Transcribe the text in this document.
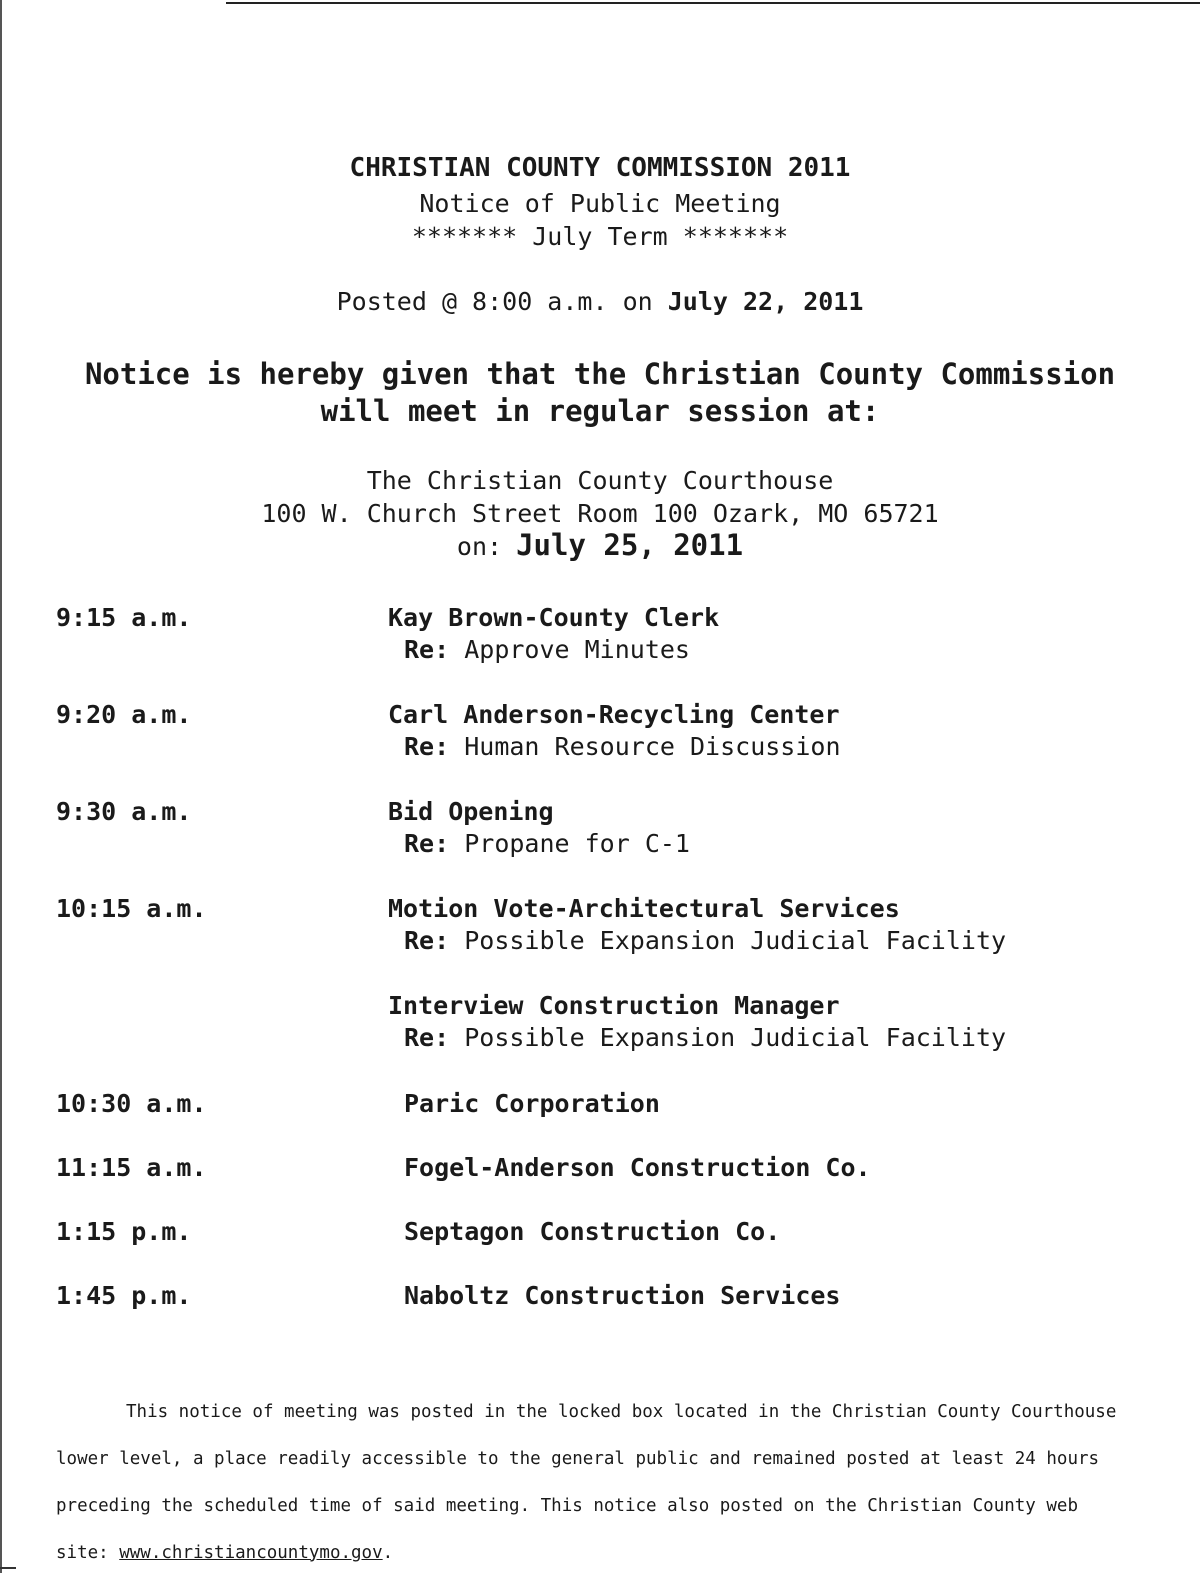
CHRISTIAN COUNTY COMMISSION 2011
Notice of Public Meeting
******* July Term *******
Posted @ 8:00 a.m. on July 22, 2011
Notice is hereby given that the Christian County Commission
will meet in regular session at:
The Christian County Courthouse
100 W. Church Street Room 100 Ozark, MO 65721
on: July 25, 2011
9:15 a.m.	Kay Brown-County Clerk
Re: Approve Minutes
9:20 a.m.	Carl Anderson-Recycling Center
Re: Human Resource Discussion
9:30 a.m.	Bid Opening
Re: Propane for C-1
10:15 a.m.	Motion Vote-Architectural Services
Re: Possible Expansion Judicial Facility
Interview Construction Manager
Re: Possible Expansion Judicial Facility
10:30 a.m.	Paric Corporation
11:15 a.m.	Fogel-Anderson Construction Co.
1:15 p.m.	Septagon Construction Co.
1:45 p.m.	Naboltz Construction Services

This notice of meeting was posted in the locked box located in the Christian County Courthouse

lower level, a place readily accessible to the general public and remained posted at least 24 hours

preceding the scheduled time of said meeting. This notice also posted on the Christian County web

site: www.christiancountymo.gov.
